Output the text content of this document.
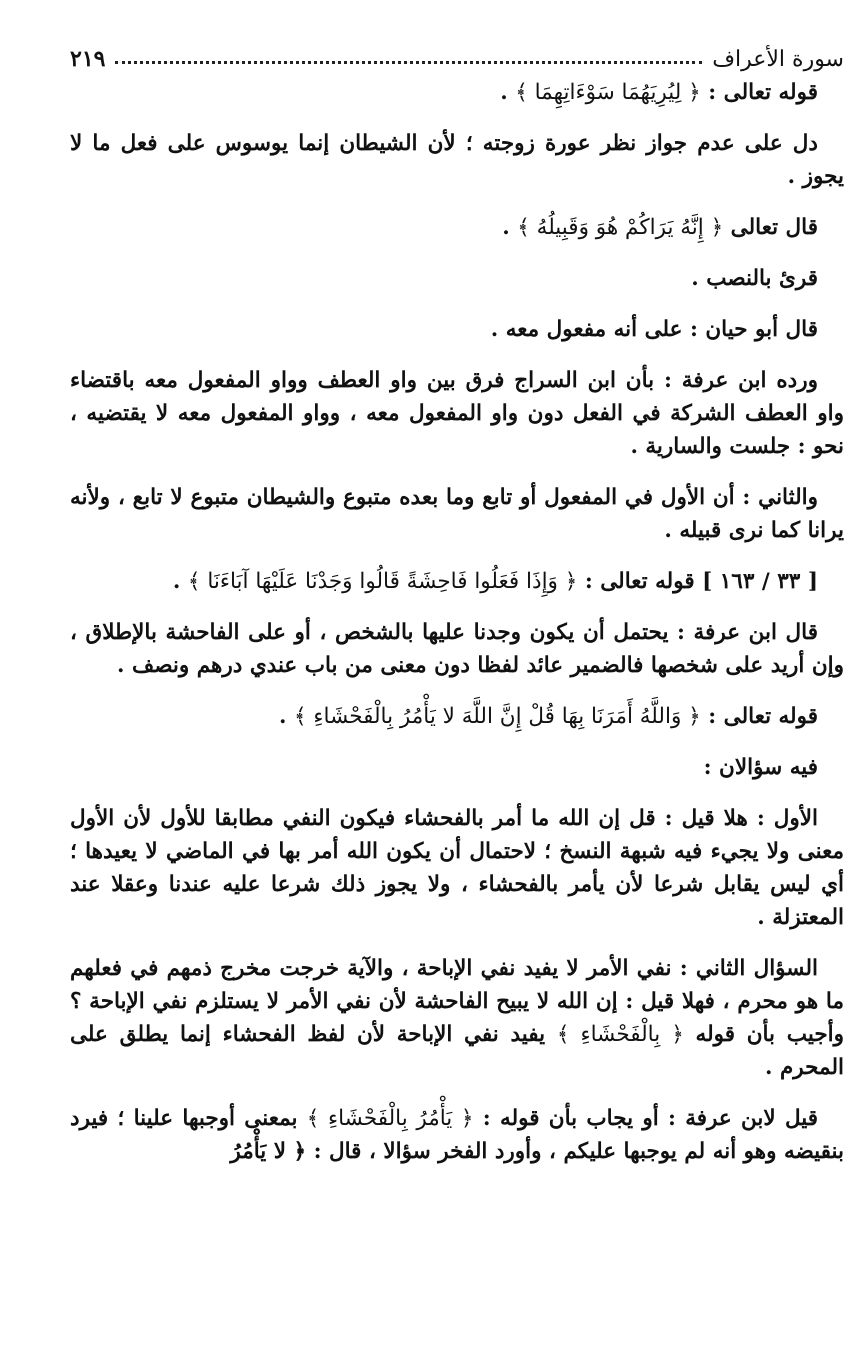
سورة الأعراف
٢١٩

قوله تعالى : ﴿ لِيُرِيَهُمَا سَوْءَاتِهِمَا ﴾ .

دل على عدم جواز نظر عورة زوجته ؛ لأن الشيطان إنما يوسوس على فعل ما لا يجوز .

قال تعالى ﴿ إِنَّهُ يَرَاكُمْ هُوَ وَقَبِيلُهُ ﴾ .

قرئ بالنصب .

قال أبو حيان : على أنه مفعول معه .

ورده ابن عرفة : بأن ابن السراج فرق بين واو العطف وواو المفعول معه باقتضاء واو العطف الشركة في الفعل دون واو المفعول معه ، وواو المفعول معه لا يقتضيه ، نحو : جلست والسارية .

والثاني : أن الأول في المفعول أو تابع وما بعده متبوع والشيطان متبوع لا تابع ، ولأنه يرانا كما نرى قبيله .

[ ٣٣ / ١٦٣ ] قوله تعالى : ﴿ وَإِذَا فَعَلُوا فَاحِشَةً قَالُوا وَجَدْنَا عَلَيْهَا آبَاءَنَا ﴾ .

قال ابن عرفة : يحتمل أن يكون وجدنا عليها بالشخص ، أو على الفاحشة بالإطلاق ، وإن أريد على شخصها فالضمير عائد لفظا دون معنى من باب عندي درهم ونصف .

قوله تعالى : ﴿ وَاللَّهُ أَمَرَنَا بِهَا قُلْ إِنَّ اللَّهَ لا يَأْمُرُ بِالْفَحْشَاءِ ﴾ .

فيه سؤالان :

الأول : هلا قيل : قل إن الله ما أمر بالفحشاء فيكون النفي مطابقا للأول لأن الأول معنى ولا يجيء فيه شبهة النسخ ؛ لاحتمال أن يكون الله أمر بها في الماضي لا يعيدها ؛ أي ليس يقابل شرعا لأن يأمر بالفحشاء ، ولا يجوز ذلك شرعا عليه عندنا وعقلا عند المعتزلة .

السؤال الثاني : نفي الأمر لا يفيد نفي الإباحة ، والآية خرجت مخرج ذمهم في فعلهم ما هو محرم ، فهلا قيل : إن الله لا يبيح الفاحشة لأن نفي الأمر لا يستلزم نفي الإباحة ؟ وأجيب بأن قوله ﴿ بِالْفَحْشَاءِ ﴾ يفيد نفي الإباحة لأن لفظ الفحشاء إنما يطلق على المحرم .

قيل لابن عرفة : أو يجاب بأن قوله : ﴿ يَأْمُرُ بِالْفَحْشَاءِ ﴾ بمعنى أوجبها علينا ؛ فيرد بنقيضه وهو أنه لم يوجبها عليكم ، وأورد الفخر سؤالا ، قال : ﴿ لا يَأْمُرُ
